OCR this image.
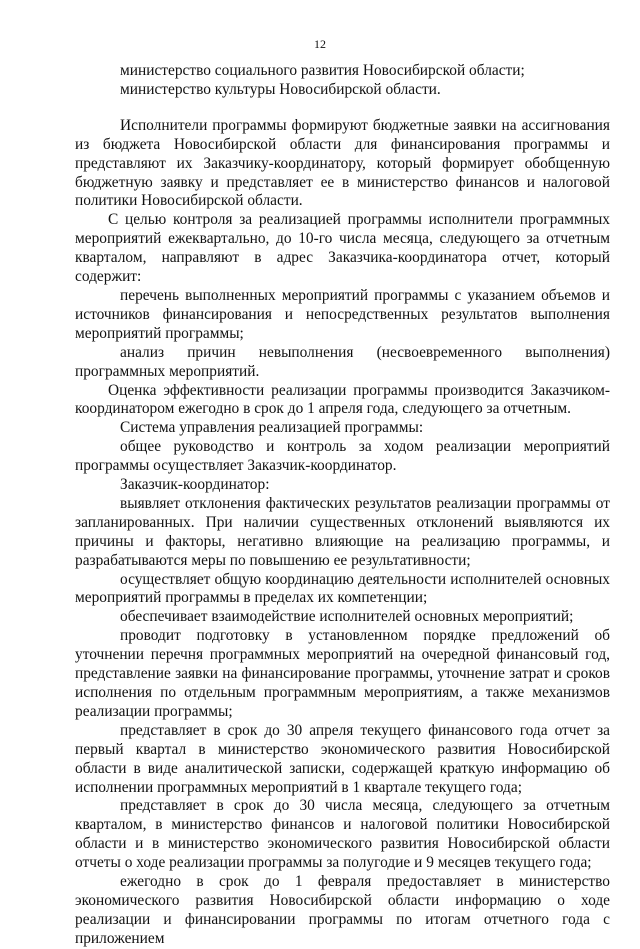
12

министерство социального развития Новосибирской области;

министерство культуры Новосибирской области.

Исполнители программы формируют бюджетные заявки на ассигнования из бюджета Новосибирской области для финансирования программы и представляют их Заказчику-координатору, который формирует обобщенную бюджетную заявку и представляет ее в министерство финансов и налоговой политики Новосибирской области.

С целью контроля за реализацией программы исполнители программных мероприятий ежеквартально, до 10-го числа месяца, следующего за отчетным кварталом, направляют в адрес Заказчика-координатора отчет, который содержит:

перечень выполненных мероприятий программы с указанием объемов и источников финансирования и непосредственных результатов выполнения мероприятий программы;

анализ причин невыполнения (несвоевременного выполнения) программных мероприятий.

Оценка эффективности реализации программы производится Заказчиком-координатором ежегодно в срок до 1 апреля года, следующего за отчетным.

Система управления реализацией программы:

общее руководство и контроль за ходом реализации мероприятий программы осуществляет Заказчик-координатор.

Заказчик-координатор:

выявляет отклонения фактических результатов реализации программы от запланированных. При наличии существенных отклонений выявляются их причины и факторы, негативно влияющие на реализацию программы, и разрабатываются меры по повышению ее результативности;

осуществляет общую координацию деятельности исполнителей основных мероприятий программы в пределах их компетенции;

обеспечивает взаимодействие исполнителей основных мероприятий;

проводит подготовку в установленном порядке предложений об уточнении перечня программных мероприятий на очередной финансовый год, представление заявки на финансирование программы, уточнение затрат и сроков исполнения по отдельным программным мероприятиям, а также механизмов реализации программы;

представляет в срок до 30 апреля текущего финансового года отчет за первый квартал в министерство экономического развития Новосибирской области в виде аналитической записки, содержащей краткую информацию об исполнении программных мероприятий в 1 квартале текущего года;

представляет в срок до 30 числа месяца, следующего за отчетным кварталом, в министерство финансов и налоговой политики Новосибирской области и в министерство экономического развития Новосибирской области отчеты о ходе реализации программы за полугодие и 9 месяцев текущего года;

ежегодно в срок до 1 февраля предоставляет в министерство экономического развития Новосибирской области информацию о ходе реализации и финансировании программы по итогам отчетного года с приложением
